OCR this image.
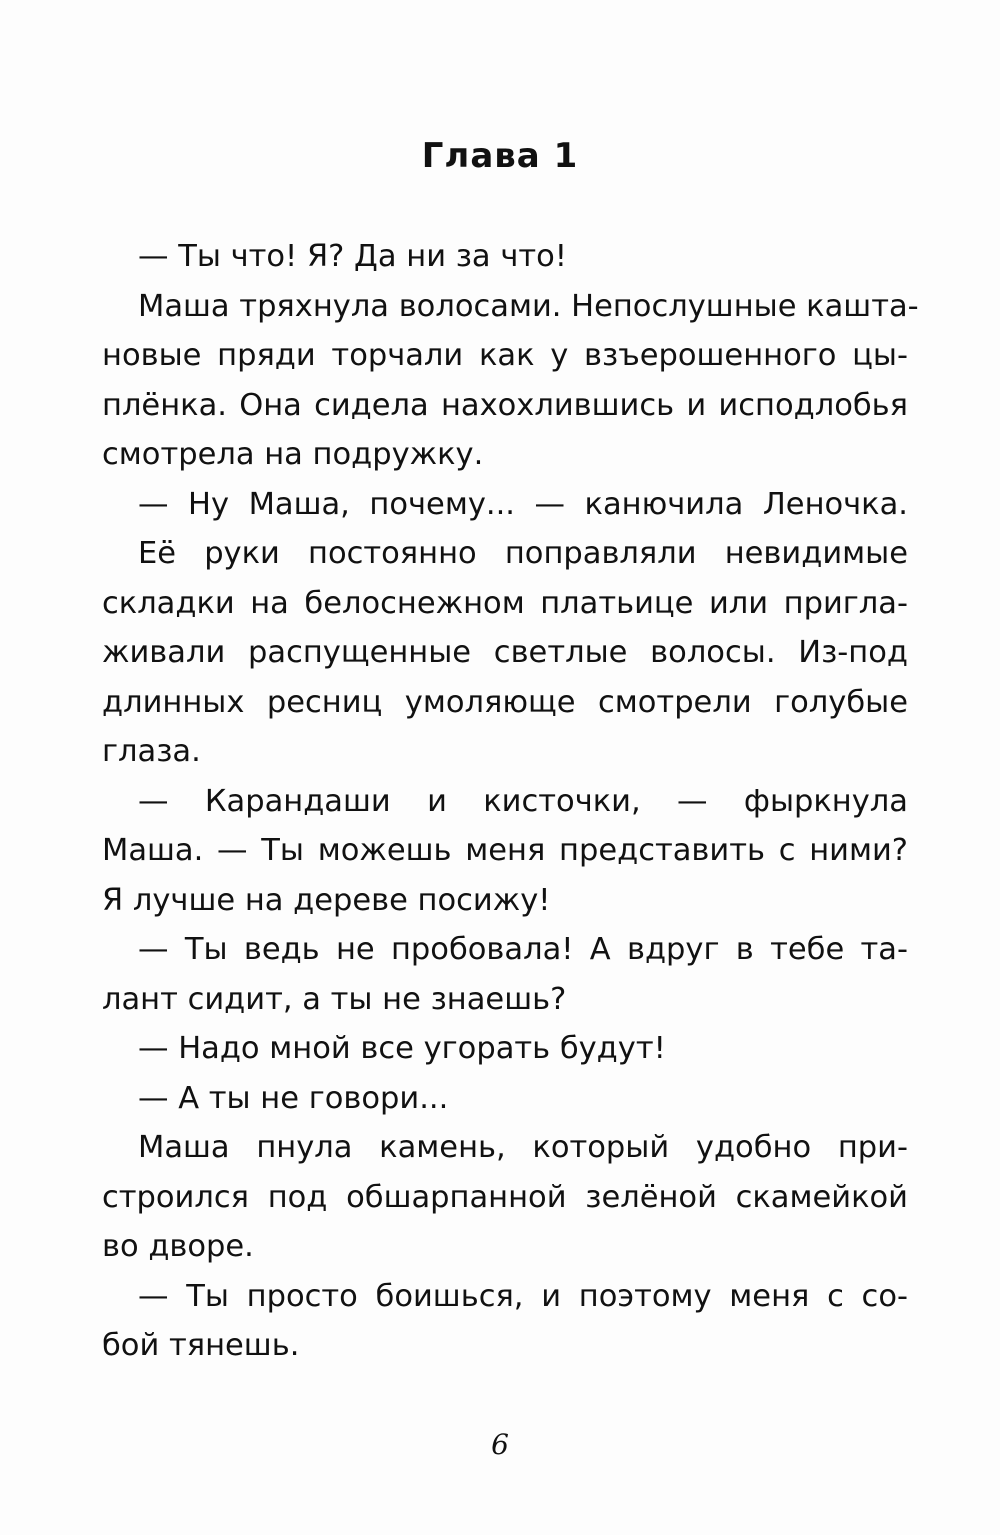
Глава 1
— Ты что! Я? Да ни за что!
Маша тряхнула волосами. Непослушные кашта-
новые пряди торчали как у взъерошенного цы-
плёнка. Она сидела нахохлившись и исподлобья
смотрела на подружку.
— Ну Маша, почему... — канючила Леночка.
Её руки постоянно поправляли невидимые
складки на белоснежном платьице или пригла-
живали распущенные светлые волосы. Из-под
длинных ресниц умоляюще смотрели голубые
глаза.
— Карандаши и кисточки, — фыркнула
Маша. — Ты можешь меня представить с ними?
Я лучше на дереве посижу!
— Ты ведь не пробовала! А вдруг в тебе та-
лант сидит, а ты не знаешь?
— Надо мной все угорать будут!
— А ты не говори...
Маша пнула камень, который удобно при-
строился под обшарпанной зелёной скамейкой
во дворе.
— Ты просто боишься, и поэтому меня с со-
бой тянешь.
6
